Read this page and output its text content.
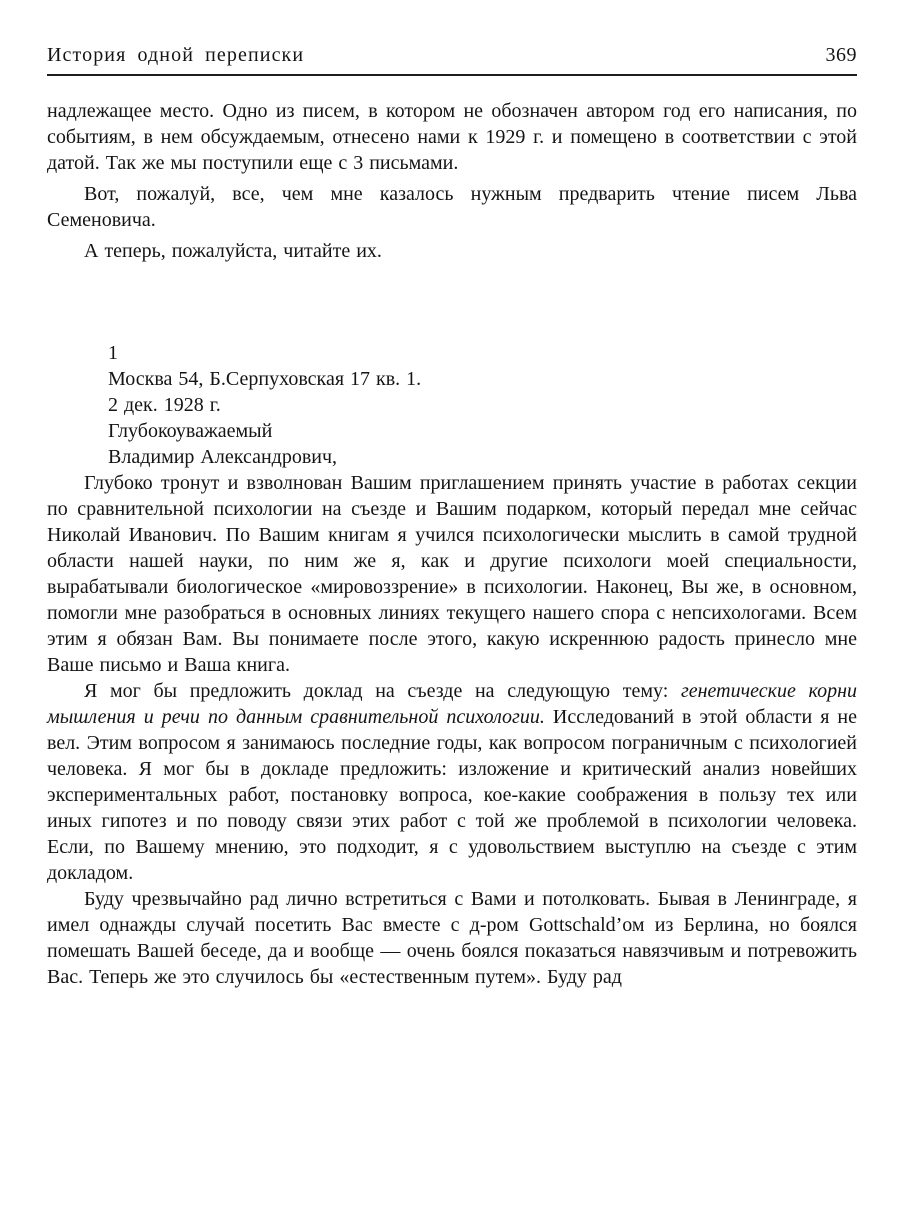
История одной переписки	369

надлежащее место. Одно из писем, в котором не обозначен автором год его написания, по событиям, в нем обсуждаемым, отнесено нами к 1929 г. и помещено в соответствии с этой датой. Так же мы поступили еще с 3 письмами.

Вот, пожалуй, все, чем мне казалось нужным предварить чтение писем Льва Семеновича.

А теперь, пожалуйста, читайте их.

1

Москва 54, Б.Серпуховская 17 кв. 1.

2 дек. 1928 г.

Глубокоуважаемый

Владимир Александрович,

Глубоко тронут и взволнован Вашим приглашением принять участие в работах секции по сравнительной психологии на съезде и Вашим подарком, который передал мне сейчас Николай Иванович. По Вашим книгам я учился психологически мыслить в самой трудной области нашей науки, по ним же я, как и другие психологи моей специальности, вырабатывали биологическое «мировоззрение» в психологии. Наконец, Вы же, в основном, помогли мне разобраться в основных линиях текущего нашего спора с непсихологами. Всем этим я обязан Вам. Вы понимаете после этого, какую искреннюю радость принесло мне Ваше письмо и Ваша книга.

Я мог бы предложить доклад на съезде на следующую тему: генетические корни мышления и речи по данным сравнительной психологии. Исследований в этой области я не вел. Этим вопросом я занимаюсь последние годы, как вопросом пограничным с психологией человека. Я мог бы в докладе предложить: изложение и критический анализ новейших экспериментальных работ, постановку вопроса, кое-какие соображения в пользу тех или иных гипотез и по поводу связи этих работ с той же проблемой в психологии человека. Если, по Вашему мнению, это подходит, я с удовольствием выступлю на съезде с этим докладом.

Буду чрезвычайно рад лично встретиться с Вами и потолковать. Бывая в Ленинграде, я имел однажды случай посетить Вас вместе с д-ром Gottschald’ом из Берлина, но боялся помешать Вашей беседе, да и вообще — очень боялся показаться навязчивым и потревожить Вас. Теперь же это случилось бы «естественным путем». Буду рад
